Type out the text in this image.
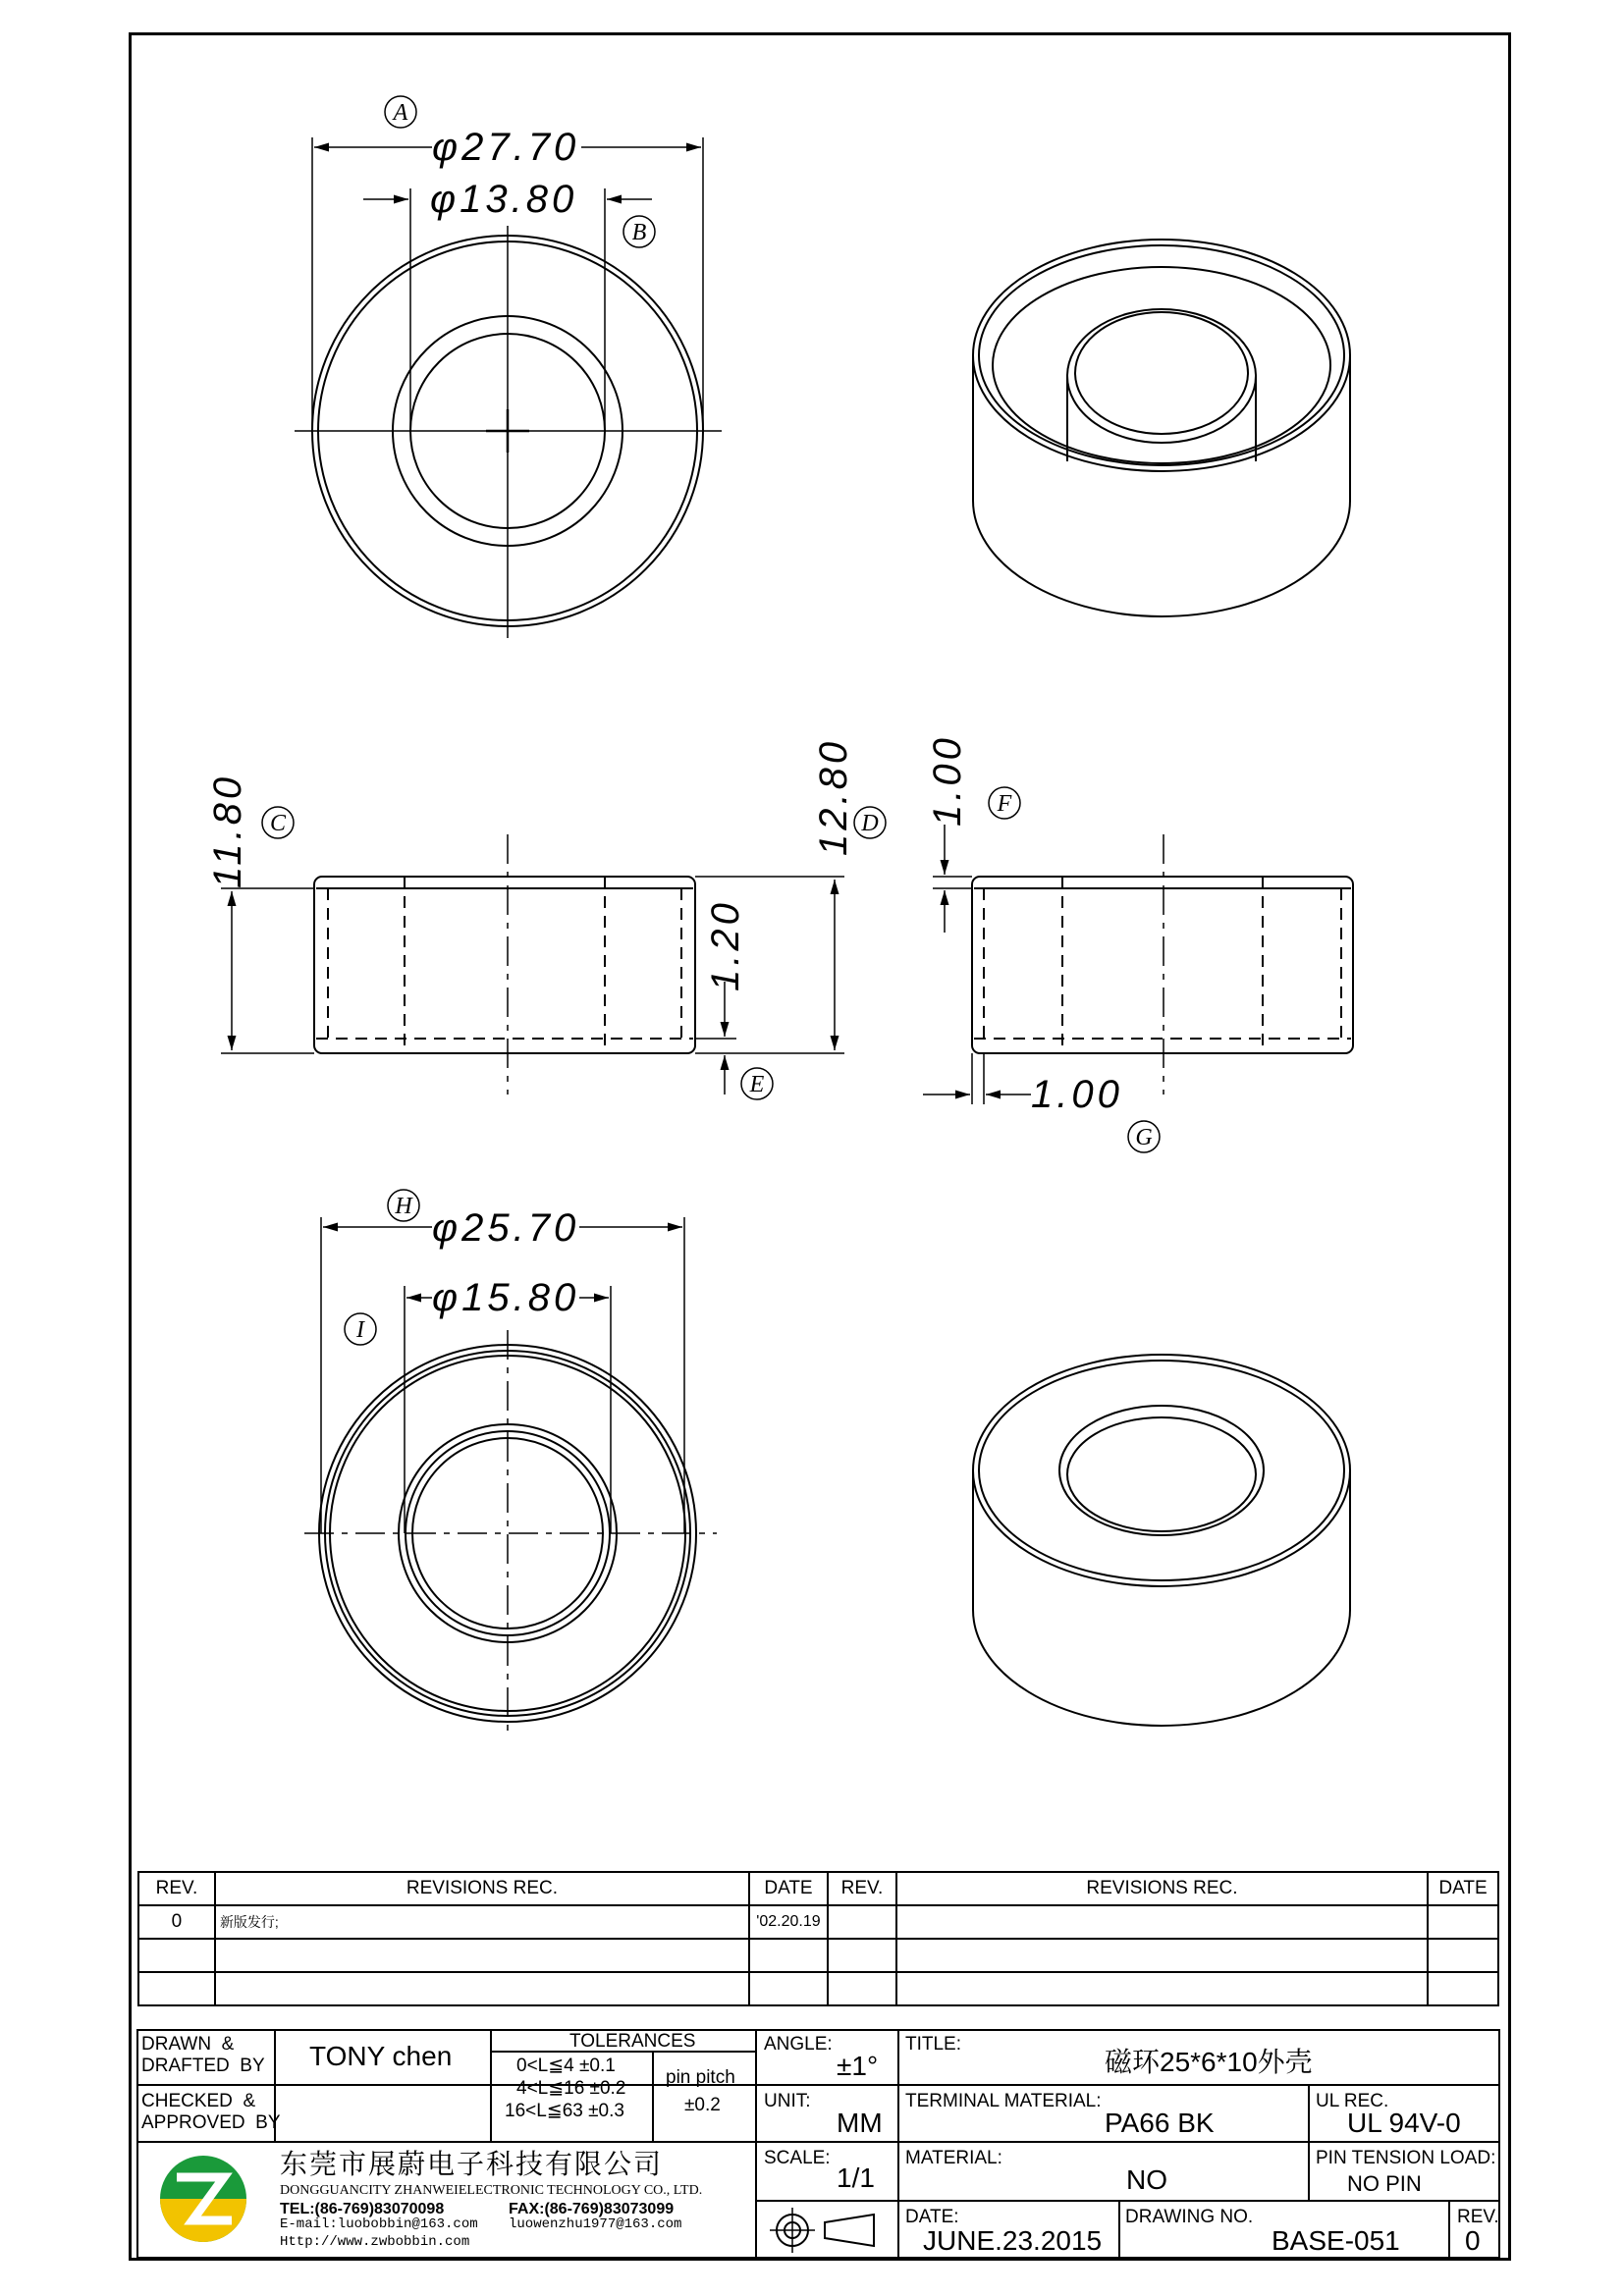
A
B
C	D
E
F
G
H
I
φ27.70
φ13.80
φ25.70
φ15.80
1.00
11.80	12.80
1.20
1.00
REV.	REVISIONS REC.	DATE	REV.	REVISIONS REC.	DATE
0	新版发行;	'02.20.19			

DRAWN  &
DRAFTED  BY TONY chen
CHECKED  &
APPROVED  BY
TOLERANCES
0<L≦4 ±0.1
4<L≦16 ±0.2
16<L≦63 ±0.3
pin pitch
±0.2
ANGLE:
±1°
UNIT:
MM
SCALE:
1/1
TITLE:
磁环25*6*10外壳
TERMINAL MATERIAL:
PA66 BK
UL REC.
UL 94V-0
MATERIAL:
NO
PIN TENSION LOAD:
NO PIN
DATE:
JUNE.23.2015
DRAWING NO.
BASE-051
REV.
0
东莞市展蔚电子科技有限公司
DONGGUANCITY ZHANWEIELECTRONIC TECHNOLOGY CO., LTD.
TEL:(86-769)83070098	FAX:(86-769)83073099
E-mail:luobobbin@163.com luowenzhu1977@163.com
Http://www.zwbobbin.com
